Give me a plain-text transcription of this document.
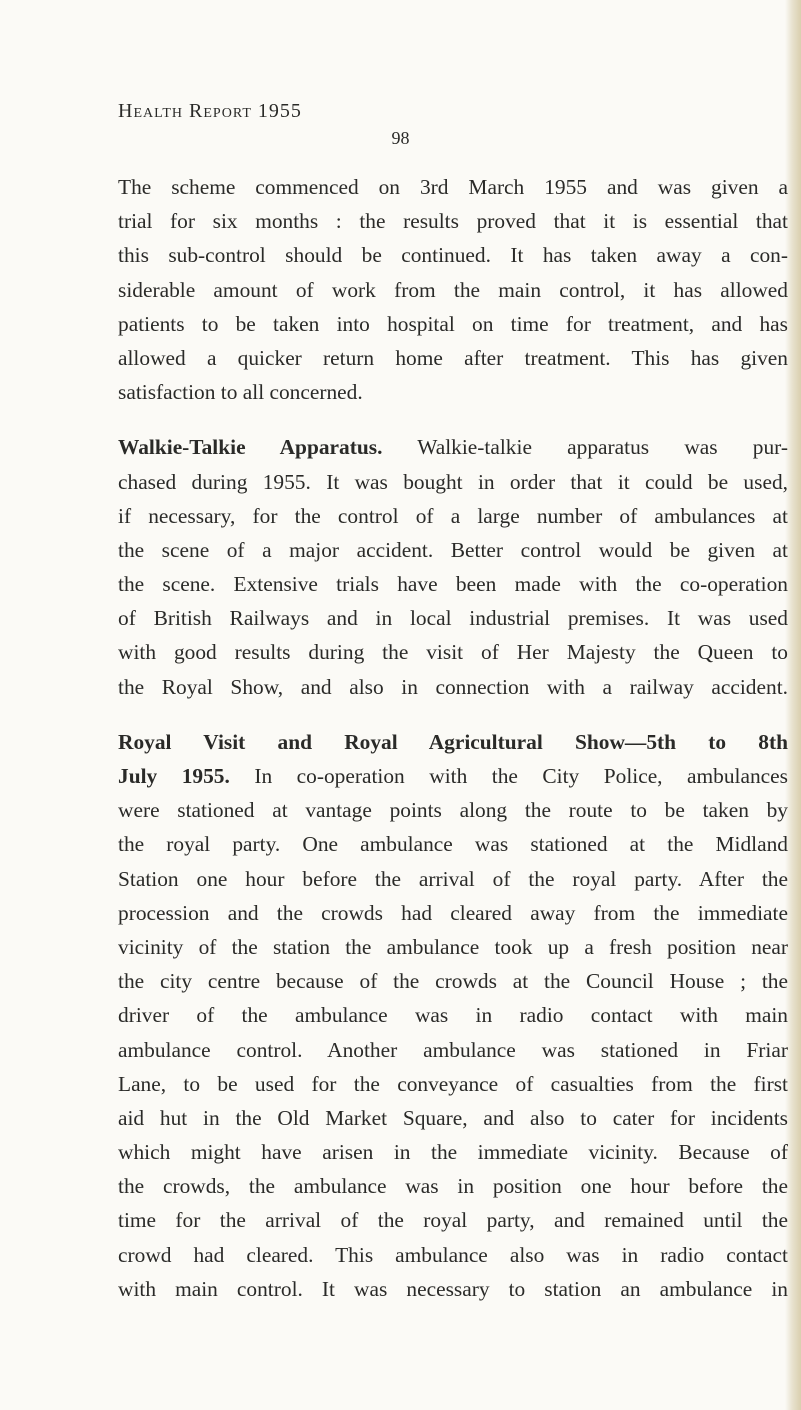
Health Report 1955

98

The scheme commenced on 3rd March 1955 and was given a
trial for six months : the results proved that it is essential that
this sub-control should be continued. It has taken away a con-
siderable amount of work from the main control, it has allowed
patients to be taken into hospital on time for treatment, and has
allowed a quicker return home after treatment. This has given
satisfaction to all concerned.
Walkie-Talkie Apparatus. Walkie-talkie apparatus was pur-
chased during 1955. It was bought in order that it could be used,
if necessary, for the control of a large number of ambulances at
the scene of a major accident. Better control would be given at
the scene. Extensive trials have been made with the co-operation
of British Railways and in local industrial premises. It was used
with good results during the visit of Her Majesty the Queen to
the Royal Show, and also in connection with a railway accident.
Royal Visit and Royal Agricultural Show—5th to 8th
July 1955. In co-operation with the City Police, ambulances
were stationed at vantage points along the route to be taken by
the royal party. One ambulance was stationed at the Midland
Station one hour before the arrival of the royal party. After the
procession and the crowds had cleared away from the immediate
vicinity of the station the ambulance took up a fresh position near
the city centre because of the crowds at the Council House ; the
driver of the ambulance was in radio contact with main
ambulance control. Another ambulance was stationed in Friar
Lane, to be used for the conveyance of casualties from the first
aid hut in the Old Market Square, and also to cater for incidents
which might have arisen in the immediate vicinity. Because of
the crowds, the ambulance was in position one hour before the
time for the arrival of the royal party, and remained until the
crowd had cleared. This ambulance also was in radio contact
with main control. It was necessary to station an ambulance in
